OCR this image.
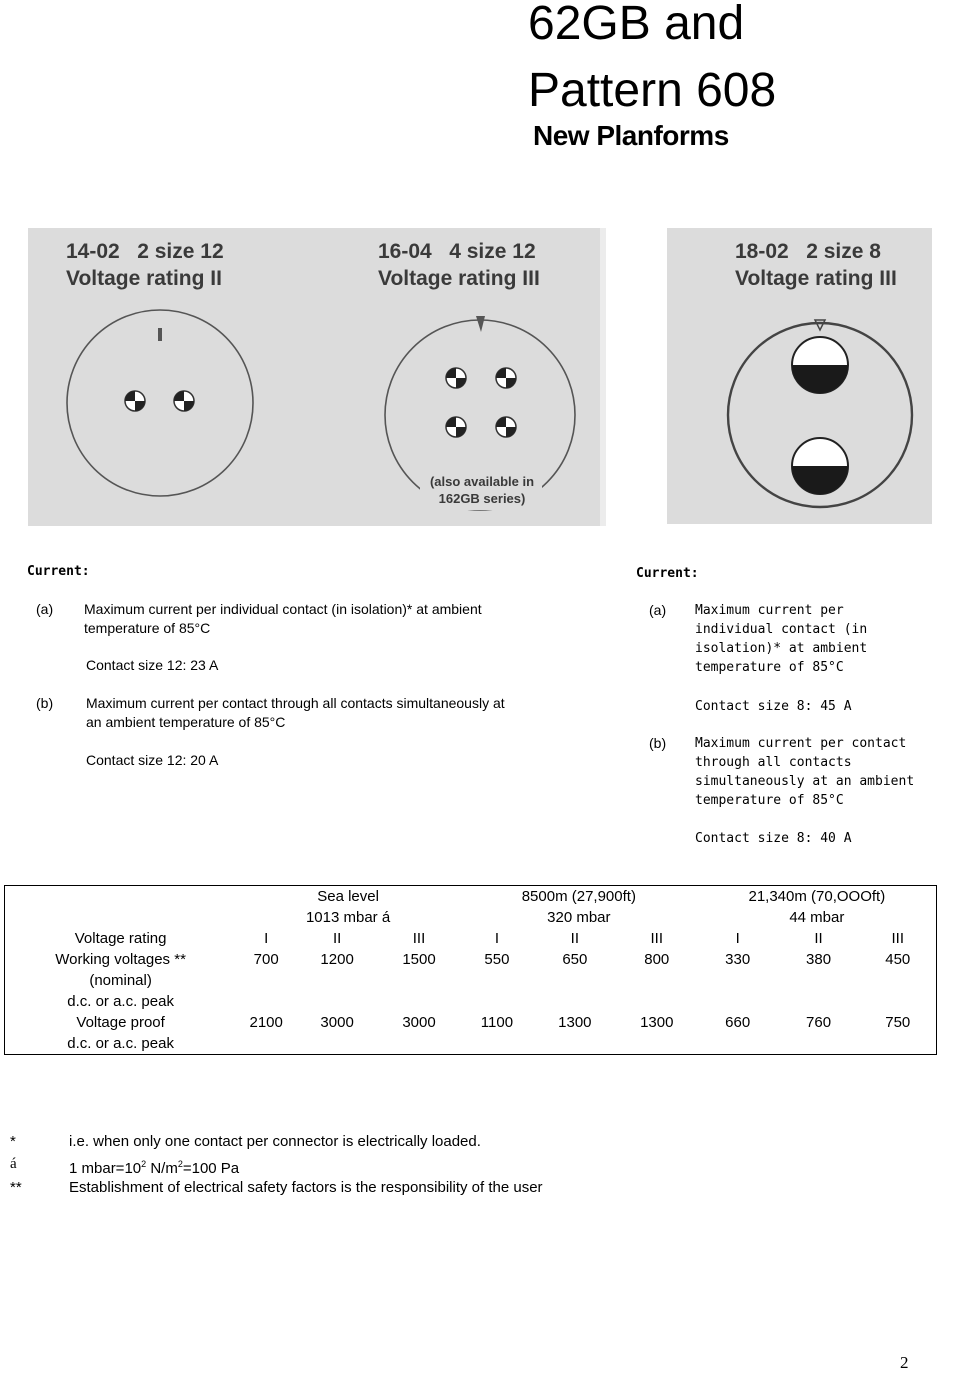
62GB and
Pattern 608
New Planforms
14-02 2 size 12
Voltage rating II
16-04 4 size 12
Voltage rating III
(also available in
162GB series)
18-02 2 size 8
Voltage rating III
Current:
(a) Maximum current per individual contact (in isolation)* at ambient
temperature of 85°C
Contact size 12: 23 A
(b) Maximum current per contact through all contacts simultaneously at
an ambient temperature of 85°C
Contact size 12: 20 A
Current:
(a) Maximum current per
individual contact (in
isolation)* at ambient
temperature of 85°C
Contact size 8: 45 A
(b) Maximum current per contact
through all contacts
simultaneously at an ambient
temperature of 85°C
Contact size 8: 40 A
	Sea level			8500m (27,900ft)			21,340m (70,OOOft)		
	1013 mbar á			320 mbar			44 mbar		
Voltage rating	I	II	III	I	II	III	I	II	III
Working voltages **	700	1200	1500	550	650	800	330	380	450
(nominal)									
d.c. or a.c. peak									
Voltage proof	2100	3000	3000	1100	1300	1300	660	760	750
d.c. or a.c. peak									
*	i.e. when only one contact per connector is electrically loaded.
á	1 $mbar=10^2$ $N/m^2=100$ Pa
**	Establishment of electrical safety factors is the responsibility of the user
2
